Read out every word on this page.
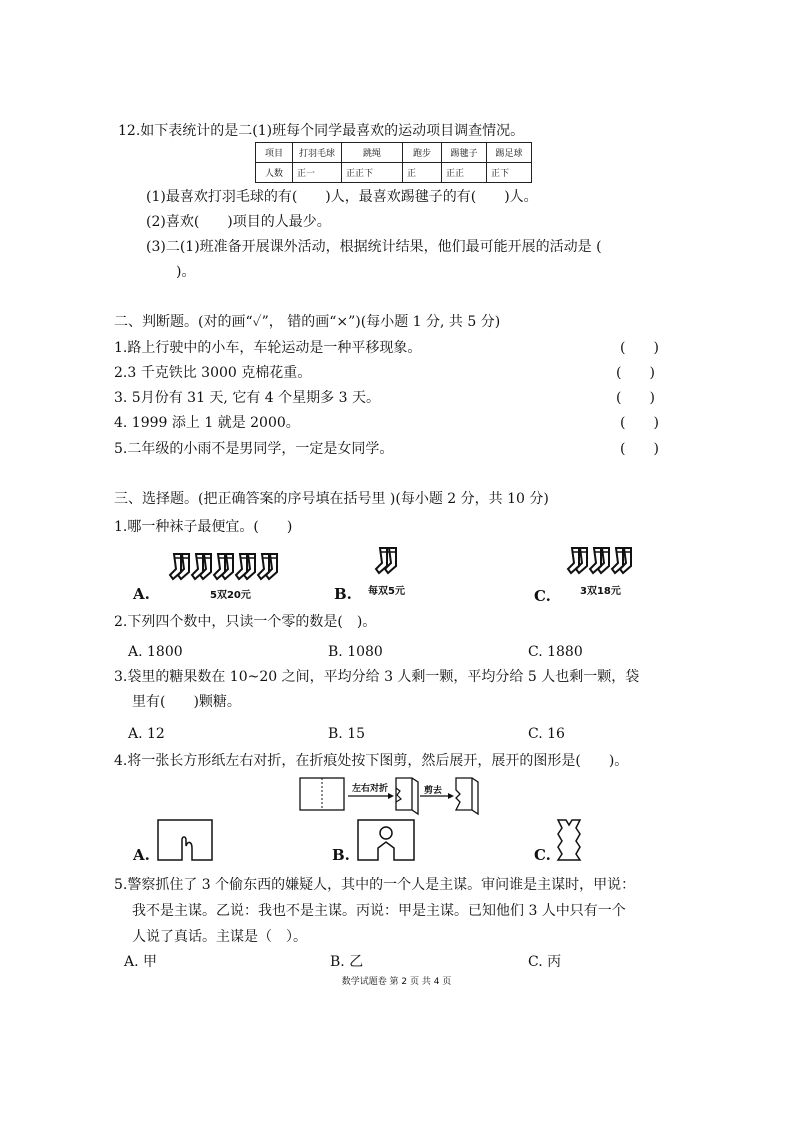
12.如下表统计的是二(1)班每个同学最喜欢的运动项目调查情况。
项目	打羽毛球	跳绳	跑步	踢毽子	踢足球
人数	正一	正正下	正	正正	正下
(1)最喜欢打羽毛球的有(　　)人，最喜欢踢毽子的有(　　)人。
(2)喜欢(　　)项目的人最少。
(3)二(1)班准备开展课外活动，根据统计结果，他们最可能开展的活动是 (
)。
二、判断题。(对的画“✓”， 错的画“×”)(每小题 1 分, 共 5 分)
1.路上行驶中的小车，车轮运动是一种平移现象。	(　　)
2.3 千克铁比 3000 克棉花重。	(　　)
3. 5月份有 31 天, 它有 4 个星期多 3 天。	(　　)
4. 1999 添上 1 就是 2000。	(　　)
5.二年级的小雨不是男同学，一定是女同学。	(　　)
三、选择题。(把正确答案的序号填在括号里 )(每小题 2 分，共 10 分)
1.哪一种袜子最便宜。(　　)
A.	5双20元	B. 每双5元	C.	3双18元
2.下列四个数中，只读一个零的数是(　)。
A. 1800	B. 1080	C. 1880
3.袋里的糖果数在 10~20 之间，平均分给 3 人剩一颗，平均分给 5 人也剩一颗，袋
里有(　　)颗糖。
A. 12	B. 15	C. 16
4.将一张长方形纸左右对折，在折痕处按下图剪，然后展开，展开的图形是(　　)。
左右对折	剪去
A.	B.	C.
5.警察抓住了 3 个偷东西的嫌疑人，其中的一个人是主谋。审问谁是主谋时，甲说：
我不是主谋。乙说：我也不是主谋。丙说：甲是主谋。已知他们 3 人中只有一个
人说了真话。主谋是（　）。
A. 甲	B. 乙	C. 丙
数学试题卷 第 2 页 共 4 页
